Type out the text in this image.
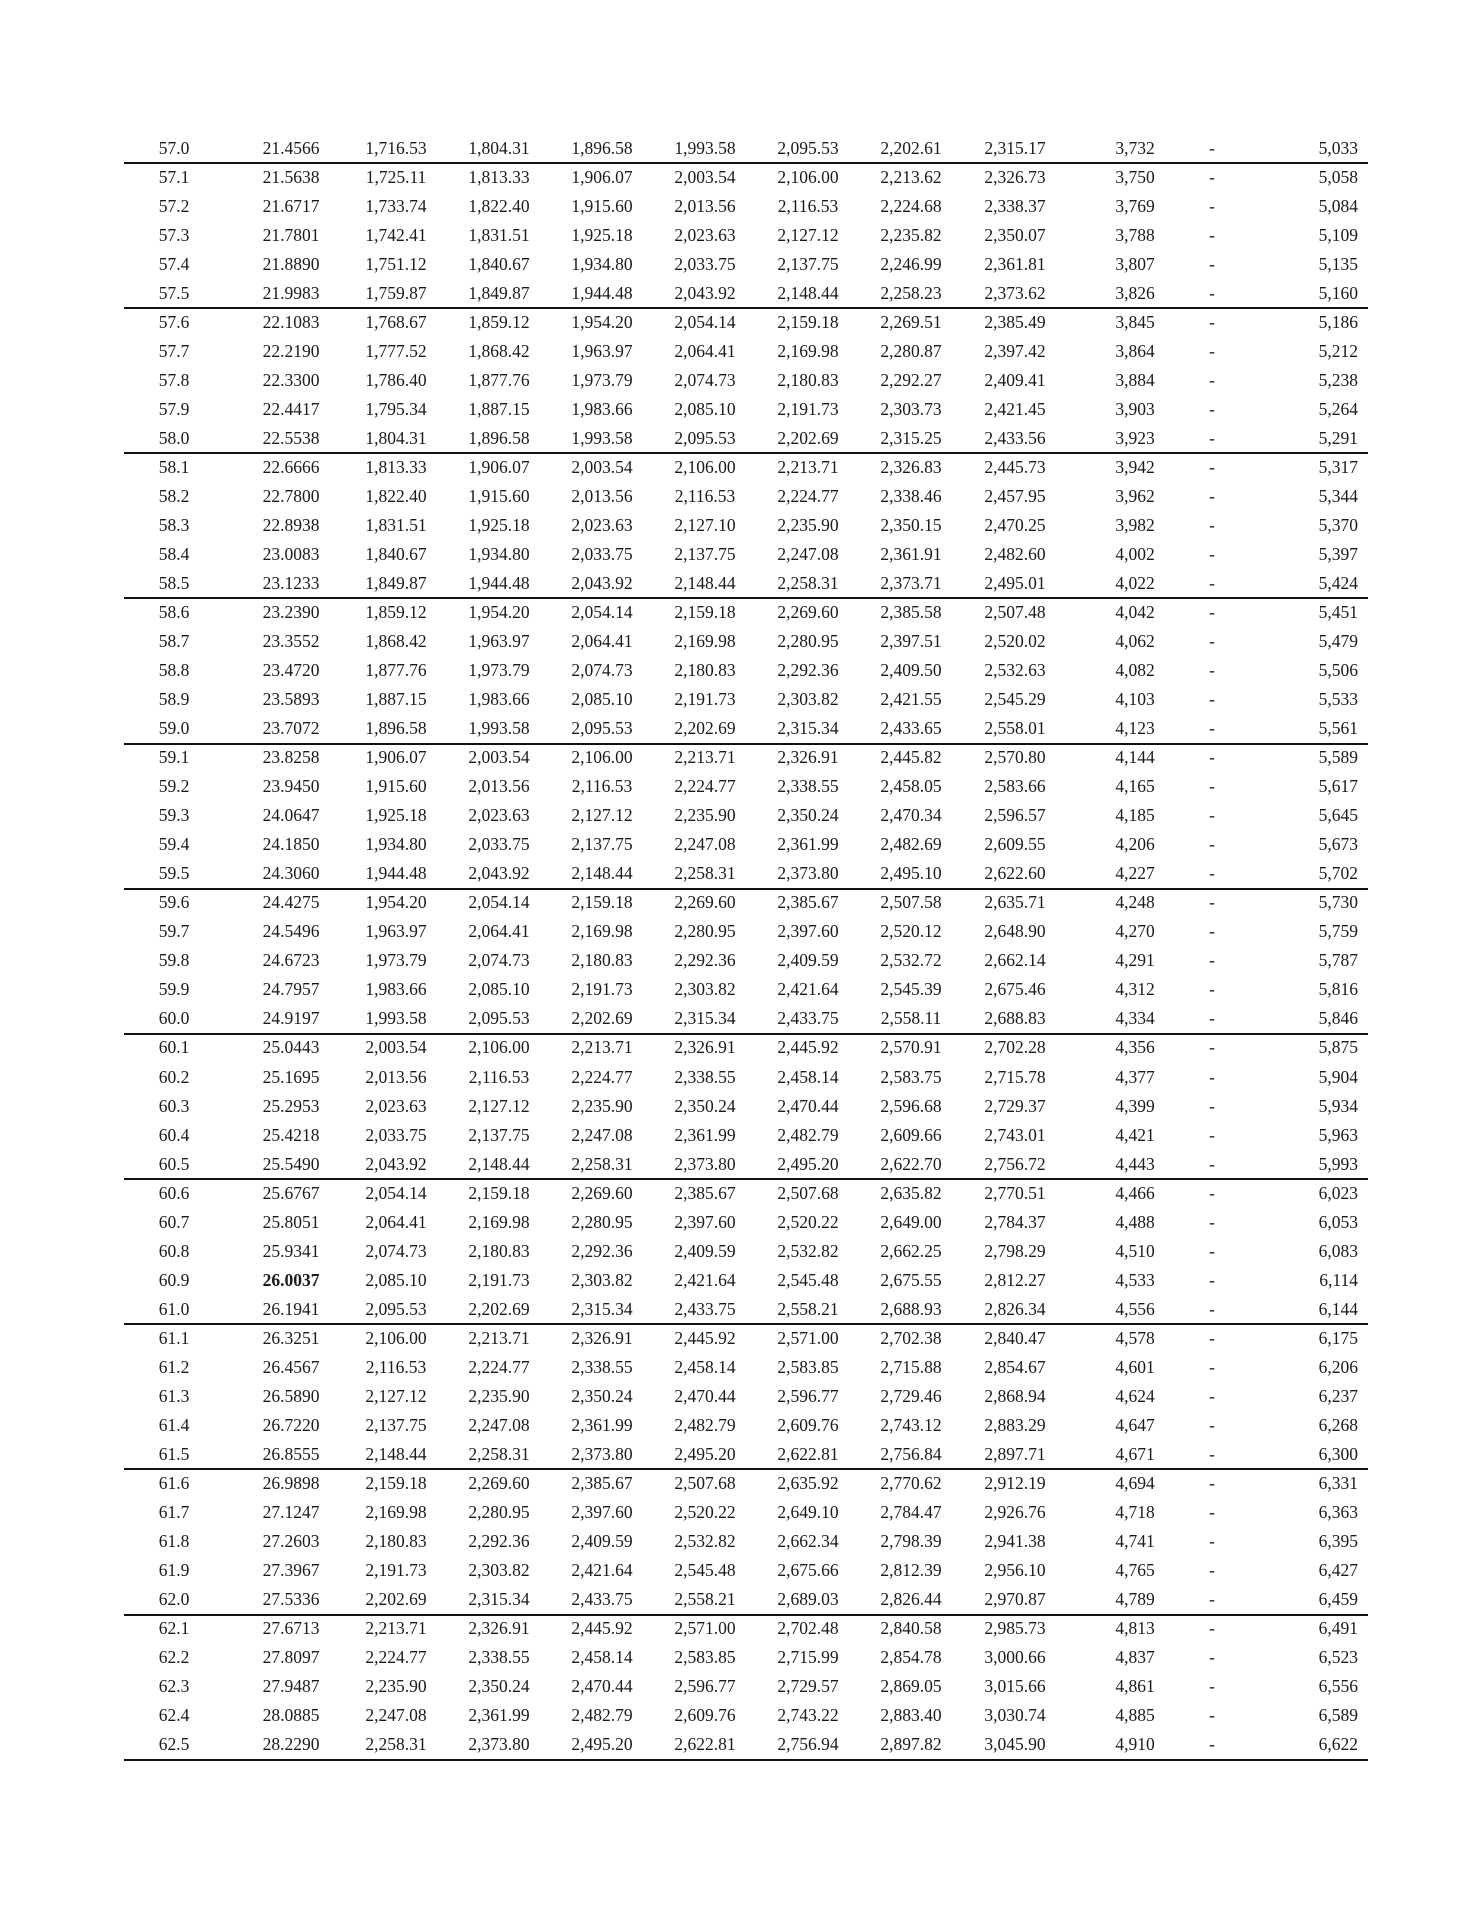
57.0	21.4566	1,716.53 1,804.31 1,896.58 1,993.58 2,095.53 2,202.61 2,315.17	3,732	-	5,033
57.1	21.5638	1,725.11 1,813.33 1,906.07 2,003.54 2,106.00 2,213.62 2,326.73	3,750	-	5,058
57.2	21.6717	1,733.74 1,822.40 1,915.60 2,013.56 2,116.53 2,224.68 2,338.37	3,769	-	5,084
57.3	21.7801	1,742.41 1,831.51 1,925.18 2,023.63 2,127.12 2,235.82 2,350.07	3,788	-	5,109
57.4	21.8890	1,751.12 1,840.67 1,934.80 2,033.75 2,137.75 2,246.99 2,361.81	3,807	-	5,135
57.5	21.9983	1,759.87 1,849.87 1,944.48 2,043.92 2,148.44 2,258.23 2,373.62	3,826	-	5,160
57.6	22.1083	1,768.67 1,859.12 1,954.20 2,054.14 2,159.18 2,269.51 2,385.49	3,845	-	5,186
57.7	22.2190	1,777.52 1,868.42 1,963.97 2,064.41 2,169.98 2,280.87 2,397.42	3,864	-	5,212
57.8	22.3300	1,786.40 1,877.76 1,973.79 2,074.73 2,180.83 2,292.27 2,409.41	3,884	-	5,238
57.9	22.4417	1,795.34 1,887.15 1,983.66 2,085.10 2,191.73 2,303.73 2,421.45	3,903	-	5,264
58.0	22.5538	1,804.31 1,896.58 1,993.58 2,095.53 2,202.69 2,315.25 2,433.56	3,923	-	5,291
58.1	22.6666	1,813.33 1,906.07 2,003.54 2,106.00 2,213.71 2,326.83 2,445.73	3,942	-	5,317
58.2	22.7800	1,822.40 1,915.60 2,013.56 2,116.53 2,224.77 2,338.46 2,457.95	3,962	-	5,344
58.3	22.8938	1,831.51 1,925.18 2,023.63 2,127.10 2,235.90 2,350.15 2,470.25	3,982	-	5,370
58.4	23.0083	1,840.67 1,934.80 2,033.75 2,137.75 2,247.08 2,361.91 2,482.60	4,002	-	5,397
58.5	23.1233	1,849.87 1,944.48 2,043.92 2,148.44 2,258.31 2,373.71 2,495.01	4,022	-	5,424
58.6	23.2390	1,859.12 1,954.20 2,054.14 2,159.18 2,269.60 2,385.58 2,507.48	4,042	-	5,451
58.7	23.3552	1,868.42 1,963.97 2,064.41 2,169.98 2,280.95 2,397.51 2,520.02	4,062	-	5,479
58.8	23.4720	1,877.76 1,973.79 2,074.73 2,180.83 2,292.36 2,409.50 2,532.63	4,082	-	5,506
58.9	23.5893	1,887.15 1,983.66 2,085.10 2,191.73 2,303.82 2,421.55 2,545.29	4,103	-	5,533
59.0	23.7072	1,896.58 1,993.58 2,095.53 2,202.69 2,315.34 2,433.65 2,558.01	4,123	-	5,561
59.1	23.8258	1,906.07 2,003.54 2,106.00 2,213.71 2,326.91 2,445.82 2,570.80	4,144	-	5,589
59.2	23.9450	1,915.60 2,013.56 2,116.53 2,224.77 2,338.55 2,458.05 2,583.66	4,165	-	5,617
59.3	24.0647	1,925.18 2,023.63 2,127.12 2,235.90 2,350.24 2,470.34 2,596.57	4,185	-	5,645
59.4	24.1850	1,934.80 2,033.75 2,137.75 2,247.08 2,361.99 2,482.69 2,609.55	4,206	-	5,673
59.5	24.3060	1,944.48 2,043.92 2,148.44 2,258.31 2,373.80 2,495.10 2,622.60	4,227	-	5,702
59.6	24.4275	1,954.20 2,054.14 2,159.18 2,269.60 2,385.67 2,507.58 2,635.71	4,248	-	5,730
59.7	24.5496	1,963.97 2,064.41 2,169.98 2,280.95 2,397.60 2,520.12 2,648.90	4,270	-	5,759
59.8	24.6723	1,973.79 2,074.73 2,180.83 2,292.36 2,409.59 2,532.72 2,662.14	4,291	-	5,787
59.9	24.7957	1,983.66 2,085.10 2,191.73 2,303.82 2,421.64 2,545.39 2,675.46	4,312	-	5,816
60.0	24.9197	1,993.58 2,095.53 2,202.69 2,315.34 2,433.75 2,558.11 2,688.83	4,334	-	5,846
60.1	25.0443	2,003.54 2,106.00 2,213.71 2,326.91 2,445.92 2,570.91 2,702.28	4,356	-	5,875
60.2	25.1695	2,013.56 2,116.53 2,224.77 2,338.55 2,458.14 2,583.75 2,715.78	4,377	-	5,904
60.3	25.2953	2,023.63 2,127.12 2,235.90 2,350.24 2,470.44 2,596.68 2,729.37	4,399	-	5,934
60.4	25.4218	2,033.75 2,137.75 2,247.08 2,361.99 2,482.79 2,609.66 2,743.01	4,421	-	5,963
60.5	25.5490	2,043.92 2,148.44 2,258.31 2,373.80 2,495.20 2,622.70 2,756.72	4,443	-	5,993
60.6	25.6767	2,054.14 2,159.18 2,269.60 2,385.67 2,507.68 2,635.82 2,770.51	4,466	-	6,023
60.7	25.8051	2,064.41 2,169.98 2,280.95 2,397.60 2,520.22 2,649.00 2,784.37	4,488	-	6,053
60.8	25.9341	2,074.73 2,180.83 2,292.36 2,409.59 2,532.82 2,662.25 2,798.29	4,510	-	6,083
60.9	26.0037	2,085.10 2,191.73 2,303.82 2,421.64 2,545.48 2,675.55 2,812.27	4,533	-	6,114
61.0	26.1941	2,095.53 2,202.69 2,315.34 2,433.75 2,558.21 2,688.93 2,826.34	4,556	-	6,144
61.1	26.3251	2,106.00 2,213.71 2,326.91 2,445.92 2,571.00 2,702.38 2,840.47	4,578	-	6,175
61.2	26.4567	2,116.53 2,224.77 2,338.55 2,458.14 2,583.85 2,715.88 2,854.67	4,601	-	6,206
61.3	26.5890	2,127.12 2,235.90 2,350.24 2,470.44 2,596.77 2,729.46 2,868.94	4,624	-	6,237
61.4	26.7220	2,137.75 2,247.08 2,361.99 2,482.79 2,609.76 2,743.12 2,883.29	4,647	-	6,268
61.5	26.8555	2,148.44 2,258.31 2,373.80 2,495.20 2,622.81 2,756.84 2,897.71	4,671	-	6,300
61.6	26.9898	2,159.18 2,269.60 2,385.67 2,507.68 2,635.92 2,770.62 2,912.19	4,694	-	6,331
61.7	27.1247	2,169.98 2,280.95 2,397.60 2,520.22 2,649.10 2,784.47 2,926.76	4,718	-	6,363
61.8	27.2603	2,180.83 2,292.36 2,409.59 2,532.82 2,662.34 2,798.39 2,941.38	4,741	-	6,395
61.9	27.3967	2,191.73 2,303.82 2,421.64 2,545.48 2,675.66 2,812.39 2,956.10	4,765	-	6,427
62.0	27.5336	2,202.69 2,315.34 2,433.75 2,558.21 2,689.03 2,826.44 2,970.87	4,789	-	6,459
62.1	27.6713	2,213.71 2,326.91 2,445.92 2,571.00 2,702.48 2,840.58 2,985.73	4,813	-	6,491
62.2	27.8097	2,224.77 2,338.55 2,458.14 2,583.85 2,715.99 2,854.78 3,000.66	4,837	-	6,523
62.3	27.9487	2,235.90 2,350.24 2,470.44 2,596.77 2,729.57 2,869.05 3,015.66	4,861	-	6,556
62.4	28.0885	2,247.08 2,361.99 2,482.79 2,609.76 2,743.22 2,883.40 3,030.74	4,885	-	6,589
62.5	28.2290	2,258.31 2,373.80 2,495.20 2,622.81 2,756.94 2,897.82 3,045.90	4,910	-	6,622
